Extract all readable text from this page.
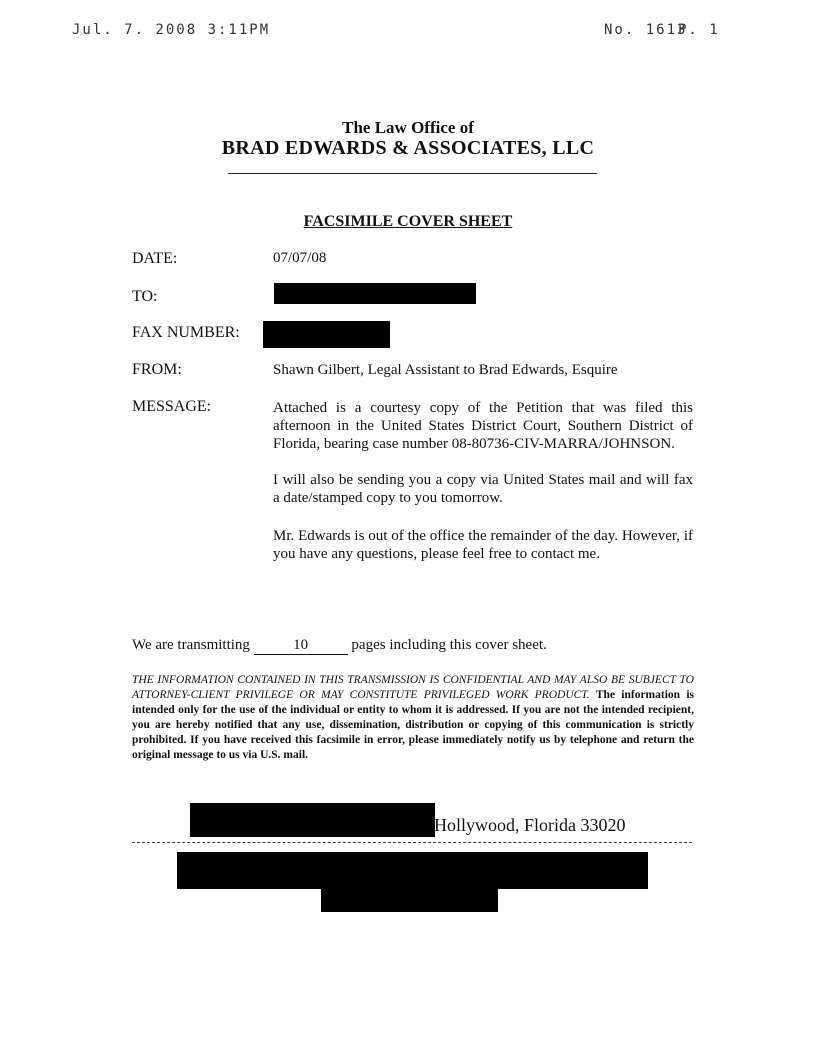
Jul. 7. 2008 3:11PM	No. 1613
P. 1
The Law Office of
BRAD EDWARDS & ASSOCIATES, LLC
FACSIMILE COVER SHEET
DATE:	07/07/08
TO:
FAX NUMBER:
FROM:	Shawn Gilbert, Legal Assistant to Brad Edwards, Esquire
MESSAGE:	Attached is a courtesy copy of the Petition that was filed this afternoon in the United States District Court, Southern District of Florida, bearing case number 08-80736-CIV-MARRA/JOHNSON.
I will also be sending you a copy via United States mail and will fax a date/stamped copy to you tomorrow.
Mr. Edwards is out of the office the remainder of the day. However, if you have any questions, please feel free to contact me.
We are transmitting	10	pages including this cover sheet.
THE INFORMATION CONTAINED IN THIS TRANSMISSION IS CONFIDENTIAL AND MAY ALSO BE SUBJECT TO ATTORNEY-CLIENT PRIVILEGE OR MAY CONSTITUTE PRIVILEGED WORK PRODUCT. The information is intended only for the use of the individual or entity to whom it is addressed. If you are not the intended recipient, you are hereby notified that any use, dissemination, distribution or copying of this communication is strictly prohibited. If you have received this facsimile in error, please immediately notify us by telephone and return the original message to us via U.S. mail.
Hollywood, Florida 33020
